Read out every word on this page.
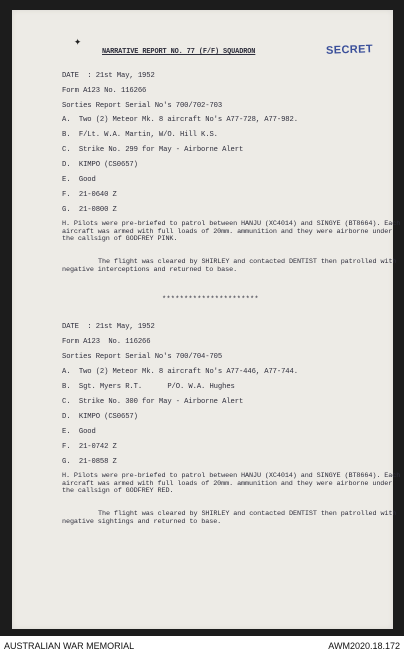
✦
SECRET
NARRATIVE REPORT NO. 77 (F/F) SQUADRON
DATE  : 21st May, 1952
Form A123 No. 116266
Sorties Report Serial No's 700/702-703
A.  Two (2) Meteor Mk. 8 aircraft No's A77-728, A77-982.
B.  F/Lt. W.A. Martin, W/O. Hill K.S.
C.  Strike No. 299 for May - Airborne Alert
D.  KIMPO (CS0657)
E.  Good
F.  21-0640 Z
G.  21-0800 Z
H. Pilots were pre-briefed to patrol between HANJU (XC4014) and SINGYE (BT8664). Each aircraft was armed with full loads of 20mm. ammunition and they were airborne under the callsign of GODFREY PINK.
The flight was cleared by SHIRLEY and contacted DENTIST then patrolled with negative interceptions and returned to base.
**********************
DATE  : 21st May, 1952
Form A123  No. 116266
Sorties Report Serial No's 700/704-705
A.  Two (2) Meteor Mk. 8 aircraft No's A77-446, A77-744.
B.  Sgt. Myers R.T.      P/O. W.A. Hughes
C.  Strike No. 300 for May - Airborne Alert
D.  KIMPO (CS0657)
E.  Good
F.  21-0742 Z
G.  21-0858 Z
H. Pilots were pre-briefed to patrol between HANJU (XC4014) and SINGYE (BT8664). Each aircraft was armed with full loads of 20mm. ammunition and they were airborne under the callsign of GODFREY RED.
The flight was cleared by SHIRLEY and contacted DENTIST then patrolled with negative sightings and returned to base.
AUSTRALIAN WAR MEMORIAL	AWM2020.18.172
